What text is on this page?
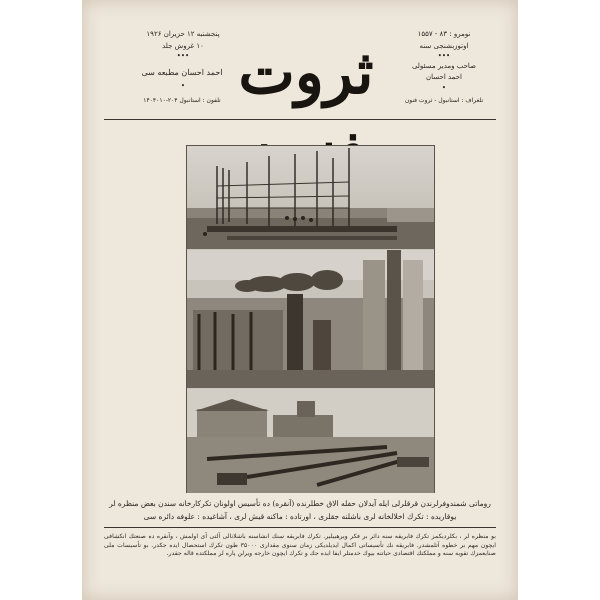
پنجشنبه ۱۲ حزيران ۱۹۲۶
۱۰ غروش جلد
•••
احمد احسان مطبعه سى
•
تلفون : استانبول ۲۰۴-۱۴۰۴۰۱۰ ثروت
نومرو : ۸۳ - ۱۵۵۷
اوتوزبشنجی سنه
•••
صاحب ومدير مسئولى
احمد احسان
•
تلغراف : استانبول - ثروت فنون
روماتى شمندوفرلرندن قرقلرلى ايله آيدلان حفله الاق خطلرنده (آنقره) ده تأسيس اولونان تكركارخانه سندن بعض منظره لر
يوقاريده : تكرك اخلالخانه لرى باشلنه جقلرى ، اورتاده : ماكنه قيش لرى ، آشاغيده : علوفه دائره سى
بو منظره لر ، بكلرديكمز تكرك فابريقه سنه دائر بر فكر ويرهبيلير. تكرك فابريقه سنك انشاسنه باشلانالى آلتى آى اولمش ، وآنقره ده صنعتك انكشافى ايچون مهم بر خطوه آتلمشدر. فابريقه نك تأسيساتى اكمال ايديلديكى زمان سنوى مقدارى ۳۵۰۰۰ طون تكرك استحصال ايده جكدر. بو تأسيسات ملى صنايعمزك تقويه سنه و مملكتك اقتصادى حياتنه بيوك خدمتلر ايفا ايده جك و تكرك ايچون خارجه ويرلن پاره لر مملكتده قاله جقدر.
